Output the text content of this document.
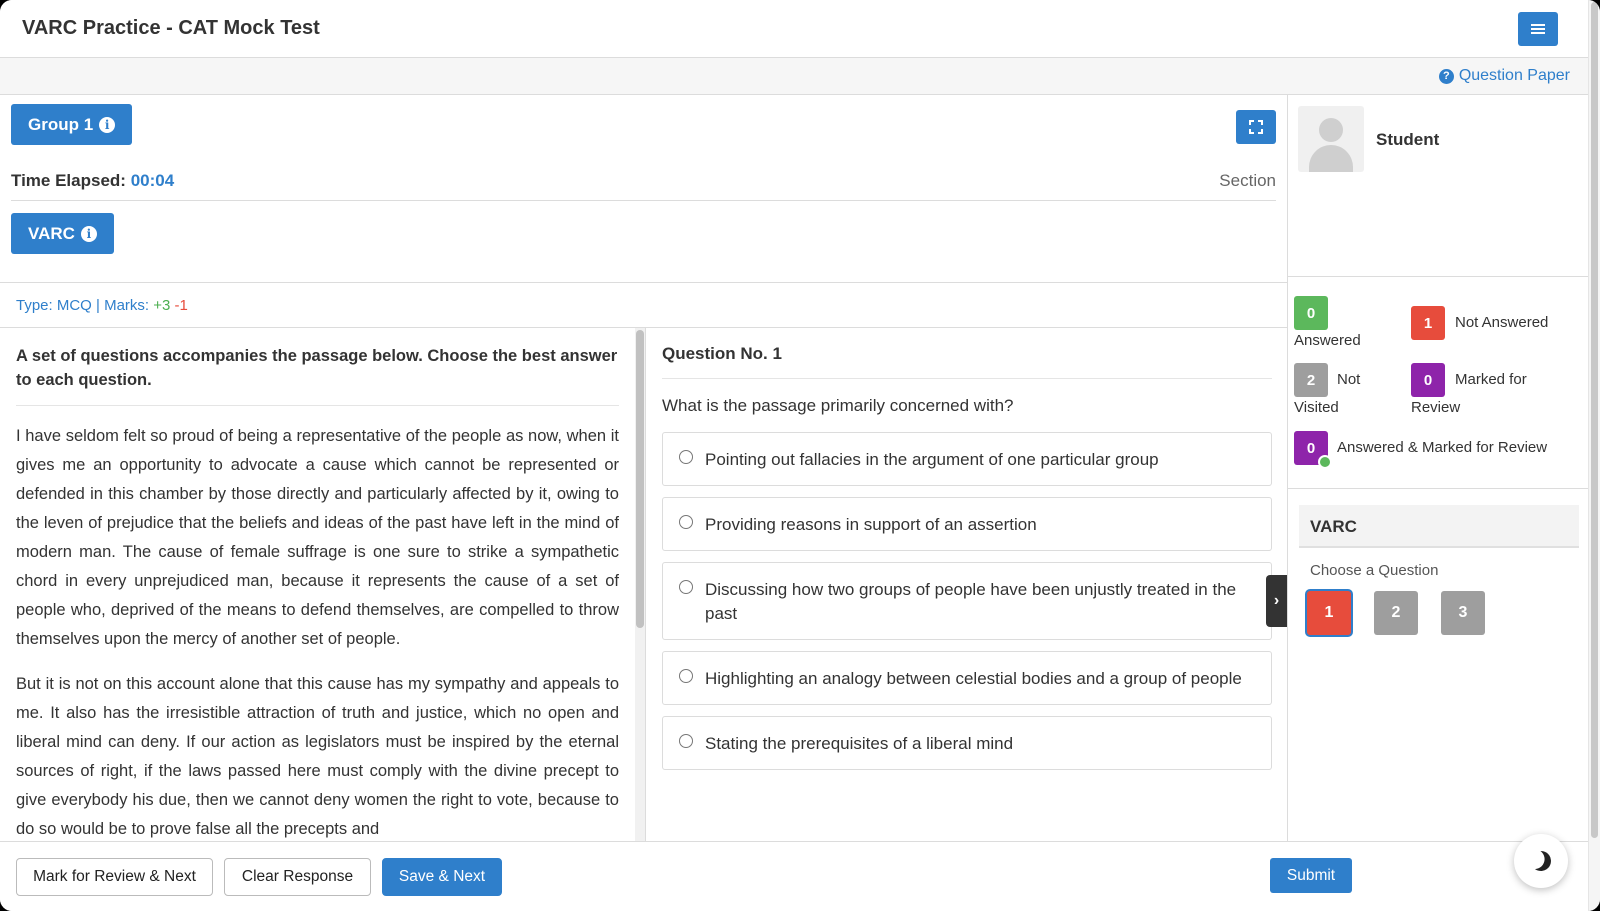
VARC Practice - CAT Mock Test
? Question Paper
Group 1 i
Time Elapsed: 00:04	Section
VARC i
Type: MCQ | Marks: +3 -1
A set of questions accompanies the passage below. Choose the best answer to each question.

I have seldom felt so proud of being a representative of the people as now, when it gives me an opportunity to advocate a cause which cannot be represented or defended in this chamber by those directly and particularly affected by it, owing to the leven of prejudice that the beliefs and ideas of the past have left in the mind of modern man. The cause of female suffrage is one sure to strike a sympathetic chord in every unprejudiced man, because it represents the cause of a set of people who, deprived of the means to defend themselves, are compelled to throw themselves upon the mercy of another set of people.

But it is not on this account alone that this cause has my sympathy and appeals to me. It also has the irresistible attraction of truth and justice, which no open and liberal mind can deny. If our action as legislators must be inspired by the eternal sources of right, if the laws passed here must comply with the divine precept to give everybody his due, then we cannot deny women the right to vote, because to do so would be to prove false all the precepts and

Question No. 1
What is the passage primarily concerned with?
Pointing out fallacies in the argument of one particular group
Providing reasons in support of an assertion
Discussing how two groups of people have been unjustly treated in the past
Highlighting an analogy between celestial bodies and a group of people
Stating the prerequisites of a liberal mind
›
Student
0
Answered
1	Not Answered
2	Not
Visited
0	Marked for
Review
0 Answered & Marked for Review
VARC
Choose a Question
1	2	3
Mark for Review & Next	Clear Response	Save & Next	Submit
